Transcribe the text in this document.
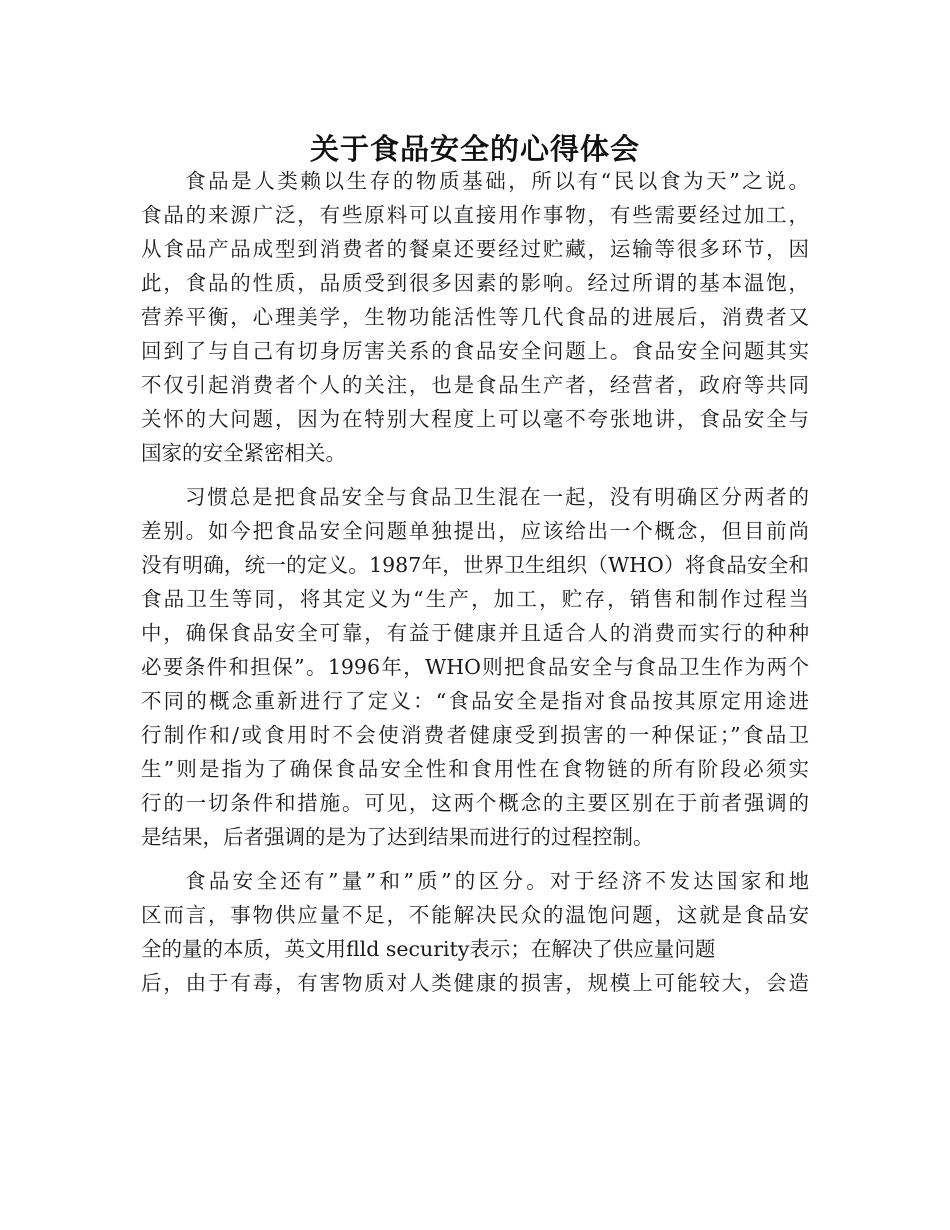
关于食品安全的心得体会
食品是人类赖以生存的物质基础，所以有“民以食为天”之说。
食品的来源广泛，有些原料可以直接用作事物，有些需要经过加工，
从食品产品成型到消费者的餐桌还要经过贮藏，运输等很多环节，因
此，食品的性质，品质受到很多因素的影响。经过所谓的基本温饱，
营养平衡，心理美学，生物功能活性等几代食品的进展后，消费者又
回到了与自己有切身厉害关系的食品安全问题上。食品安全问题其实
不仅引起消费者个人的关注，也是食品生产者，经营者，政府等共同
关怀的大问题，因为在特别大程度上可以毫不夸张地讲，食品安全与
国家的安全紧密相关。
习惯总是把食品安全与食品卫生混在一起，没有明确区分两者的
差别。如今把食品安全问题单独提出，应该给出一个概念，但目前尚
没有明确，统一的定义。1987年，世界卫生组织（WHO）将食品安全和
食品卫生等同，将其定义为“生产，加工，贮存，销售和制作过程当
中，确保食品安全可靠，有益于健康并且适合人的消费而实行的种种
必要条件和担保”。1996年，WHO则把食品安全与食品卫生作为两个
不同的概念重新进行了定义：“食品安全是指对食品按其原定用途进
行制作和/或食用时不会使消费者健康受到损害的一种保证；”食品卫
生”则是指为了确保食品安全性和食用性在食物链的所有阶段必须实
行的一切条件和措施。可见，这两个概念的主要区别在于前者强调的
是结果，后者强调的是为了达到结果而进行的过程控制。
食品安全还有”量”和”质”的区分。对于经济不发达国家和地
区而言，事物供应量不足，不能解决民众的温饱问题，这就是食品安
全的量的本质，英文用flld security表示；在解决了供应量问题
后，由于有毒，有害物质对人类健康的损害，规模上可能较大，会造
